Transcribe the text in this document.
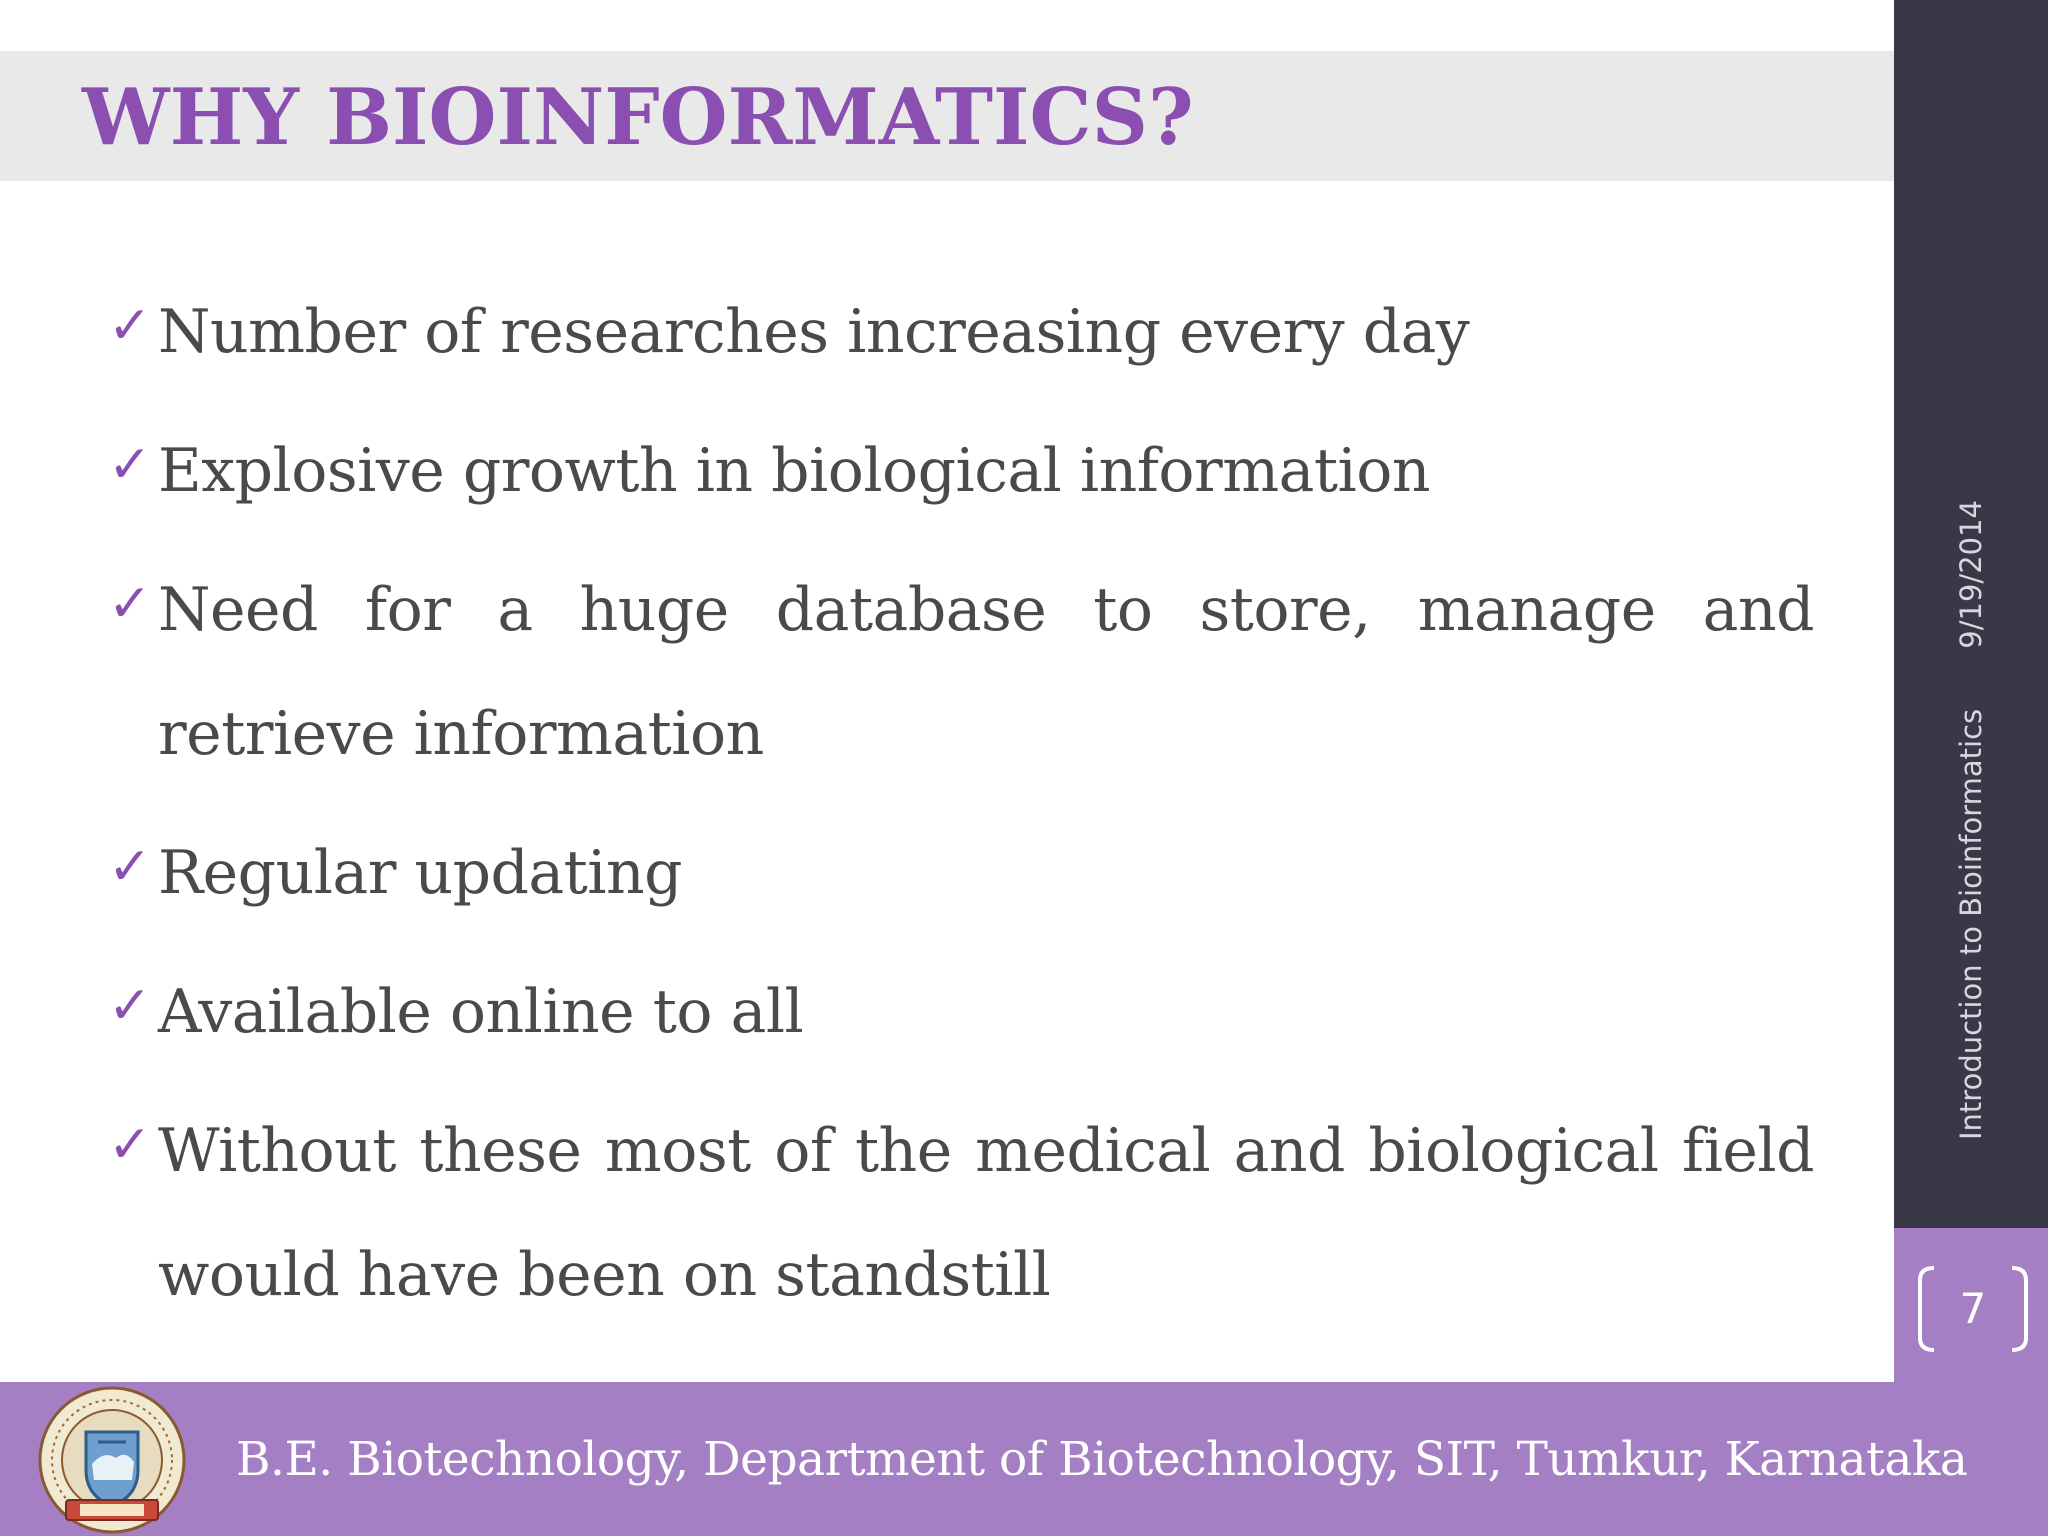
WHY BIOINFORMATICS?
Introduction to Bioinformatics
9/19/2014
7
✓ Number of researches increasing every day
✓ Explosive growth in biological information
✓ Need for a huge database to store, manage and retrieve information
✓ Regular updating
✓ Available online to all
✓ Without these most of the medical and biological field would have been on standstill
B.E. Biotechnology, Department of Biotechnology, SIT, Tumkur, Karnataka
